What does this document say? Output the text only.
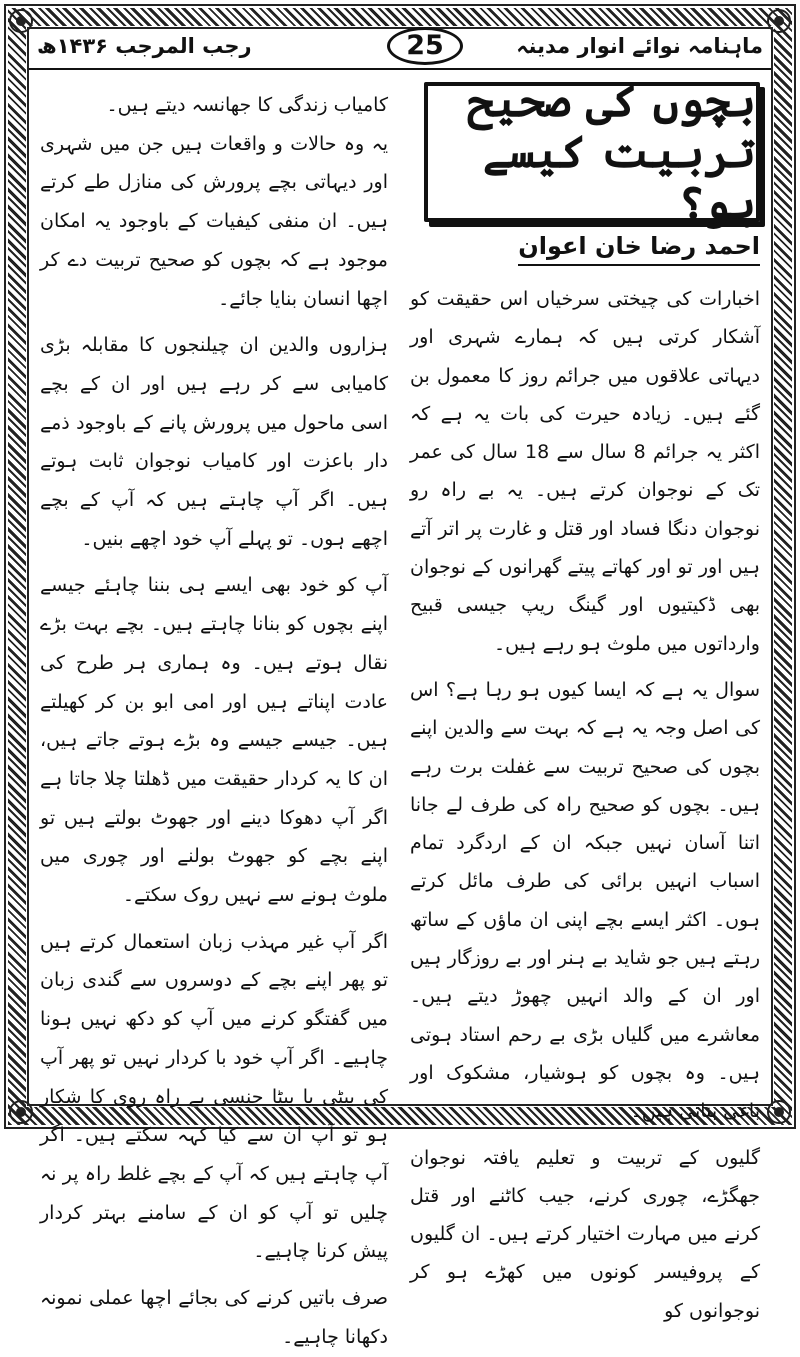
ماہنامہ نوائے انوار مدینہ
25
رجب المرجب ۱۴۳۶ھ
بچوں کی صحیح تربیت کیسے ہو؟
احمد رضا خان اعوان

اخبارات کی چیختی سرخیاں اس حقیقت کو آشکار کرتی ہیں کہ ہمارے شہری اور دیہاتی علاقوں میں جرائم روز کا معمول بن گئے ہیں۔ زیادہ حیرت کی بات یہ ہے کہ اکثر یہ جرائم 8 سال سے 18 سال کی عمر تک کے نوجوان کرتے ہیں۔ یہ بے راہ رو نوجوان دنگا فساد اور قتل و غارت پر اتر آتے ہیں اور تو اور کھاتے پیتے گھرانوں کے نوجوان بھی ڈکیتیوں اور گینگ ریپ جیسی قبیح وارداتوں میں ملوث ہو رہے ہیں۔

سوال یہ ہے کہ ایسا کیوں ہو رہا ہے؟ اس کی اصل وجہ یہ ہے کہ بہت سے والدین اپنے بچوں کی صحیح تربیت سے غفلت برت رہے ہیں۔ بچوں کو صحیح راہ کی طرف لے جانا اتنا آسان نہیں جبکہ ان کے اردگرد تمام اسباب انہیں برائی کی طرف مائل کرتے ہوں۔ اکثر ایسے بچے اپنی ان ماؤں کے ساتھ رہتے ہیں جو شاید بے ہنر اور بے روزگار ہیں اور ان کے والد انہیں چھوڑ دیتے ہیں۔ معاشرے میں گلیاں بڑی بے رحم استاد ہوتی ہیں۔ وہ بچوں کو ہوشیار، مشکوک اور باغی بناتی ہیں۔

گلیوں کے تربیت و تعلیم یافتہ نوجوان جھگڑے، چوری کرنے، جیب کاٹنے اور قتل کرنے میں مہارت اختیار کرتے ہیں۔ ان گلیوں کے پروفیسر کونوں میں کھڑے ہو کر نوجوانوں کو

کامیاب زندگی کا جھانسہ دیتے ہیں۔

یہ وہ حالات و واقعات ہیں جن میں شہری اور دیہاتی بچے پرورش کی منازل طے کرتے ہیں۔ ان منفی کیفیات کے باوجود یہ امکان موجود ہے کہ بچوں کو صحیح تربیت دے کر اچھا انسان بنایا جائے۔

ہزاروں والدین ان چیلنجوں کا مقابلہ بڑی کامیابی سے کر رہے ہیں اور ان کے بچے اسی ماحول میں پرورش پانے کے باوجود ذمے دار باعزت اور کامیاب نوجوان ثابت ہوتے ہیں۔ اگر آپ چاہتے ہیں کہ آپ کے بچے اچھے ہوں۔ تو پہلے آپ خود اچھے بنیں۔

آپ کو خود بھی ایسے ہی بننا چاہئے جیسے اپنے بچوں کو بنانا چاہتے ہیں۔ بچے بہت بڑے نقال ہوتے ہیں۔ وہ ہماری ہر طرح کی عادت اپناتے ہیں اور امی ابو بن کر کھیلتے ہیں۔ جیسے جیسے وہ بڑے ہوتے جاتے ہیں، ان کا یہ کردار حقیقت میں ڈھلتا چلا جاتا ہے اگر آپ دھوکا دینے اور جھوٹ بولتے ہیں تو اپنے بچے کو جھوٹ بولنے اور چوری میں ملوث ہونے سے نہیں روک سکتے۔

اگر آپ غیر مہذب زبان استعمال کرتے ہیں تو پھر اپنے بچے کے دوسروں سے گندی زبان میں گفتگو کرنے میں آپ کو دکھ نہیں ہونا چاہیے۔ اگر آپ خود با کردار نہیں تو پھر آپ کی بیٹی یا بیٹا جنسی بے راہ روی کا شکار ہو تو آپ ان سے کیا کہہ سکتے ہیں۔ اگر آپ چاہتے ہیں کہ آپ کے بچے غلط راہ پر نہ چلیں تو آپ کو ان کے سامنے بہتر کردار پیش کرنا چاہیے۔

صرف باتیں کرنے کی بجائے اچھا عملی نمونہ دکھانا چاہیے۔
